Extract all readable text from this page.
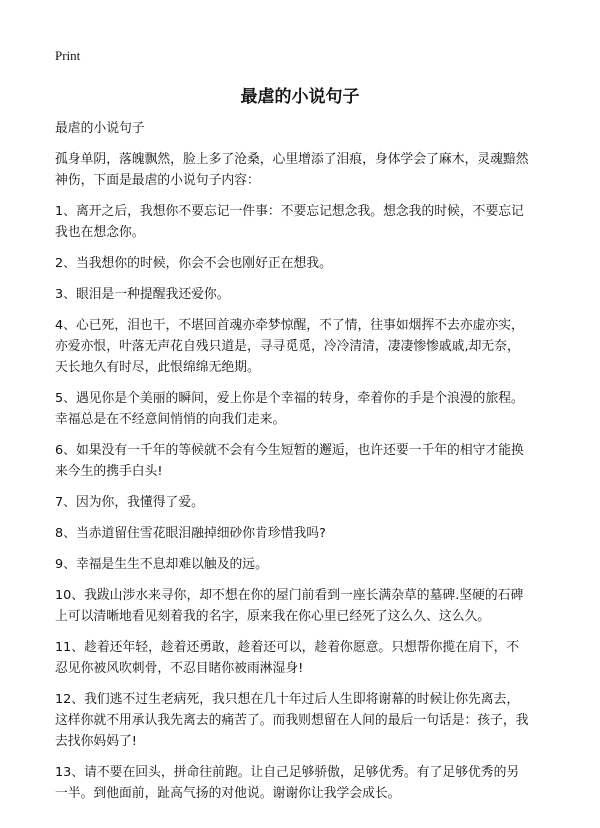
Print
最虐的小说句子

最虐的小说句子

孤身单阴，落魄飘然，脸上多了沧桑，心里增添了泪痕，身体学会了麻木，灵魂黯然神伤，下面是最虐的小说句子内容：

1、离开之后，我想你不要忘记一件事：不要忘记想念我。想念我的时候，不要忘记我也在想念你。

2、当我想你的时候，你会不会也刚好正在想我。

3、眼泪是一种提醒我还爱你。

4、心已死，泪也干，不堪回首魂亦牵梦惊醒，不了情，往事如烟挥不去亦虚亦实，亦爱亦恨，叶落无声花自残只道是，寻寻觅觅，冷冷清清，凄凄惨惨戚戚,却无奈，天长地久有时尽，此恨绵绵无绝期。

5、遇见你是个美丽的瞬间，爱上你是个幸福的转身，牵着你的手是个浪漫的旅程。幸福总是在不经意间悄悄的向我们走来。

6、如果没有一千年的等候就不会有今生短暂的邂逅，也许还要一千年的相守才能换来今生的携手白头!

7、因为你，我懂得了爱。

8、当赤道留住雪花眼泪融掉细砂你肯珍惜我吗?

9、幸福是生生不息却难以触及的远。

10、我跋山涉水来寻你，却不想在你的屋门前看到一座长满杂草的墓碑.坚硬的石碑上可以清晰地看见刻着我的名字，原来我在你心里已经死了这么久、这么久。

11、趁着还年轻，趁着还勇敢，趁着还可以，趁着你愿意。只想帮你揽在肩下，不忍见你被风吹刺骨，不忍目睹你被雨淋湿身!

12、我们逃不过生老病死，我只想在几十年过后人生即将谢幕的时候让你先离去，这样你就不用承认我先离去的痛苦了。而我则想留在人间的最后一句话是：孩子，我去找你妈妈了!

13、请不要在回头，拼命往前跑。让自己足够骄傲，足够优秀。有了足够优秀的另一半。到他面前，趾高气扬的对他说。谢谢你让我学会成长。
